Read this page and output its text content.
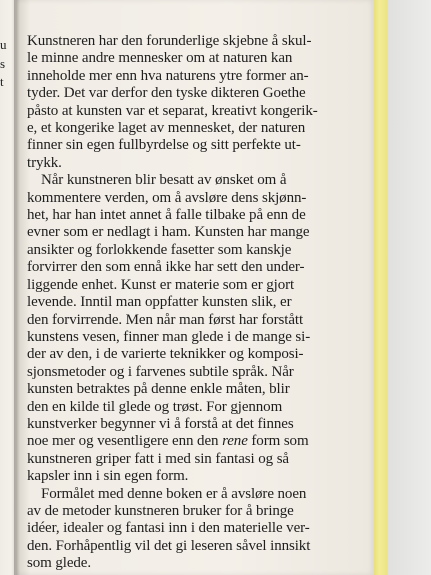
u
s
t
Kunstneren har den forunderlige skjebne å skul-
le minne andre mennesker om at naturen kan
inneholde mer enn hva naturens ytre former an-
tyder. Det var derfor den tyske dikteren Goethe
påsto at kunsten var et separat, kreativt kongerik-
e, et kongerike laget av mennesket, der naturen
finner sin egen fullbyrdelse og sitt perfekte ut-
trykk.
Når kunstneren blir besatt av ønsket om å
kommentere verden, om å avsløre dens skjønn-
het, har han intet annet å falle tilbake på enn de
evner som er nedlagt i ham. Kunsten har mange
ansikter og forlokkende fasetter som kanskje
forvirrer den som ennå ikke har sett den under-
liggende enhet. Kunst er materie som er gjort
levende. Inntil man oppfatter kunsten slik, er
den forvirrende. Men når man først har forstått
kunstens vesen, finner man glede i de mange si-
der av den, i de varierte teknikker og komposi-
sjonsmetoder og i farvenes subtile språk. Når
kunsten betraktes på denne enkle måten, blir
den en kilde til glede og trøst. For gjennom
kunstverker begynner vi å forstå at det finnes
noe mer og vesentligere enn den rene form som
kunstneren griper fatt i med sin fantasi og så
kapsler inn i sin egen form.
Formålet med denne boken er å avsløre noen
av de metoder kunstneren bruker for å bringe
idéer, idealer og fantasi inn i den materielle ver-
den. Forhåpentlig vil det gi leseren såvel innsikt
som glede.
